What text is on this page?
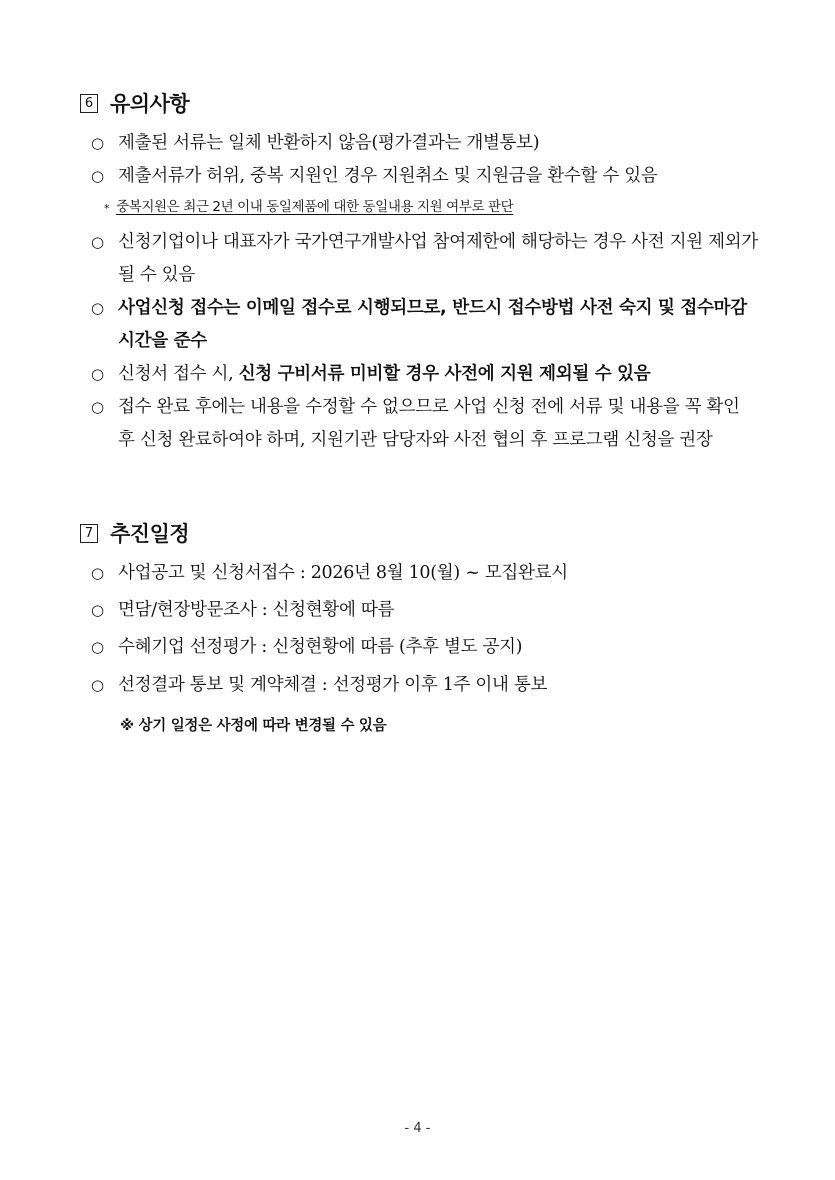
6 유의사항
○ 제출된 서류는 일체 반환하지 않음(평가결과는 개별통보)
○ 제출서류가 허위, 중복 지원인 경우 지원취소 및 지원금을 환수할 수 있음
* 중복지원은 최근 2년 이내 동일제품에 대한 동일내용 지원 여부로 판단
○ 신청기업이나 대표자가 국가연구개발사업 참여제한에 해당하는 경우 사전 지원 제외가 될 수 있음
○ 사업신청 접수는 이메일 접수로 시행되므로, 반드시 접수방법 사전 숙지 및 접수마감 시간을 준수
○ 신청서 접수 시, 신청 구비서류 미비할 경우 사전에 지원 제외될 수 있음
○ 접수 완료 후에는 내용을 수정할 수 없으므로 사업 신청 전에 서류 및 내용을 꼭 확인 후 신청 완료하여야 하며, 지원기관 담당자와 사전 협의 후 프로그램 신청을 권장
7 추진일정
○ 사업공고 및 신청서접수 : 2026년 8월 10(월) ~ 모집완료시
○ 면담/현장방문조사 : 신청현황에 따름
○ 수혜기업 선정평가 : 신청현황에 따름 (추후 별도 공지)
○ 선정결과 통보 및 계약체결 : 선정평가 이후 1주 이내 통보
※ 상기 일정은 사정에 따라 변경될 수 있음
- 4 -
